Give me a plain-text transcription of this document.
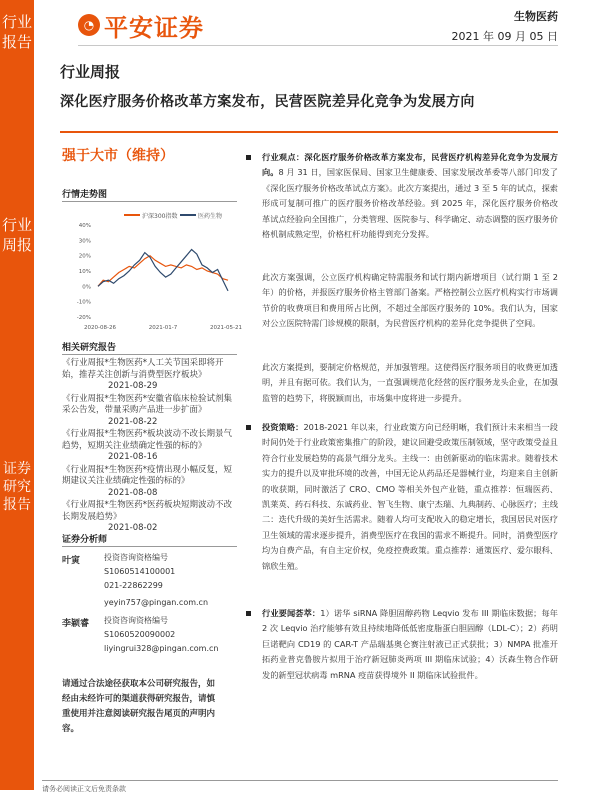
行业报告
行业周报
证券研究报告
◔ 平安证券	生物医药
2021 年 09 月 05 日
行业周报
深化医疗服务价格改革方案发布，民营医院差异化竞争为发展方向
强于大市（维持）
行情走势图
沪深300指数	医药生物
40%
30%
20%
10%
0%
-10%
-20%
2020-08-26	2021-01-7	2021-05-21
相关研究报告
《行业周报*生物医药*人工关节国采即将开始，推荐关注创新与消费型医疗板块》
2021-08-29
《行业周报*生物医药*安徽省临床检验试剂集采公告发，带量采购产品进一步扩面》
2021-08-22
《行业周报*生物医药*板块波动不改长期景气趋势，短期关注业绩确定性强的标的》
2021-08-16
《行业周报*生物医药*疫情出现小幅反复，短期建议关注业绩确定性强的标的》
2021-08-08
《行业周报*生物医药*医药板块短期波动不改长期发展趋势》
2021-08-02
证券分析师
叶寅	投资咨询资格编号
S1060514100001
021-22862299
yeyin757@pingan.com.cn
李颖睿 投资咨询资格编号
S1060520090002
liyingrui328@pingan.com.cn
请通过合法途径获取本公司研究报告，如经由未经许可的渠道获得研究报告，请慎重使用并注意阅读研究报告尾页的声明内容。
行业观点：深化医疗服务价格改革方案发布，民营医疗机构差异化竞争为发展方向。8 月 31 日，国家医保局、国家卫生健康委、国家发展改革委等八部门印发了《深化医疗服务价格改革试点方案》。此次方案提出，通过 3 至 5 年的试点，探索形成可复制可推广的医疗服务价格改革经验。到 2025 年，深化医疗服务价格改革试点经验向全国推广，分类管理、医院参与、科学确定、动态调整的医疗服务价格机制成熟定型，价格杠杆功能得到充分发挥。
此次方案强调，公立医疗机构确定特需服务和试行期内新增项目（试行期 1 至 2 年）的价格，并报医疗服务价格主管部门备案。严格控制公立医疗机构实行市场调节价的收费项目和费用所占比例，不超过全部医疗服务的 10%。我们认为，国家对公立医院特需门诊规模的限制，为民营医疗机构的差异化竞争提供了空间。
此次方案提到，要制定价格规范，并加强管理。这使得医疗服务项目的收费更加透明，并且有据可依。我们认为，一直强调规范化经营的医疗服务龙头企业，在加强监管的趋势下，将脱颖而出，市场集中度将进一步提升。
投资策略：2018-2021 年以来，行业政策方向已经明晰，我们预计未来相当一段时间仍处于行业政策密集推广的阶段，建议回避受政策压制领域，坚守政策受益且符合行业发展趋势的高景气细分龙头。主线一：由创新驱动的临床需求。随着技术实力的提升以及审批环境的改善，中国无论从药品还是器械行业，均迎来自主创新的收获期，同时激活了 CRO、CMO 等相关外包产业链，重点推荐：恒瑞医药、凯莱英、药石科技、东诚药业、智飞生物、康宁杰瑞、九典制药、心脉医疗；主线二：迭代升级的美好生活需求。随着人均可支配收入的稳定增长，我国居民对医疗卫生领域的需求逐步提升，消费型医疗在我国的需求不断提升。同时，消费型医疗均为自费产品，有自主定价权，免疫控费政策。重点推荐：通策医疗、爱尔眼科、锦欣生殖。
行业要闻荟萃：1）诺华 siRNA 降胆固醇药物 Leqvio 发布 III 期临床数据；每年 2 次 Leqvio 治疗能够有效且持续地降低低密度脂蛋白胆固醇（LDL-C）；2）药明巨诺靶向 CD19 的 CAR-T 产品瑞基奥仑赛注射液已正式获批；3）NMPA 批准开拓药业普克鲁胺片拟用于治疗新冠肺炎两项 III 期临床试验；4）沃森生物合作研发的新型冠状病毒 mRNA 疫苗获得境外 II 期临床试验批件。
请务必阅读正文后免责条款
